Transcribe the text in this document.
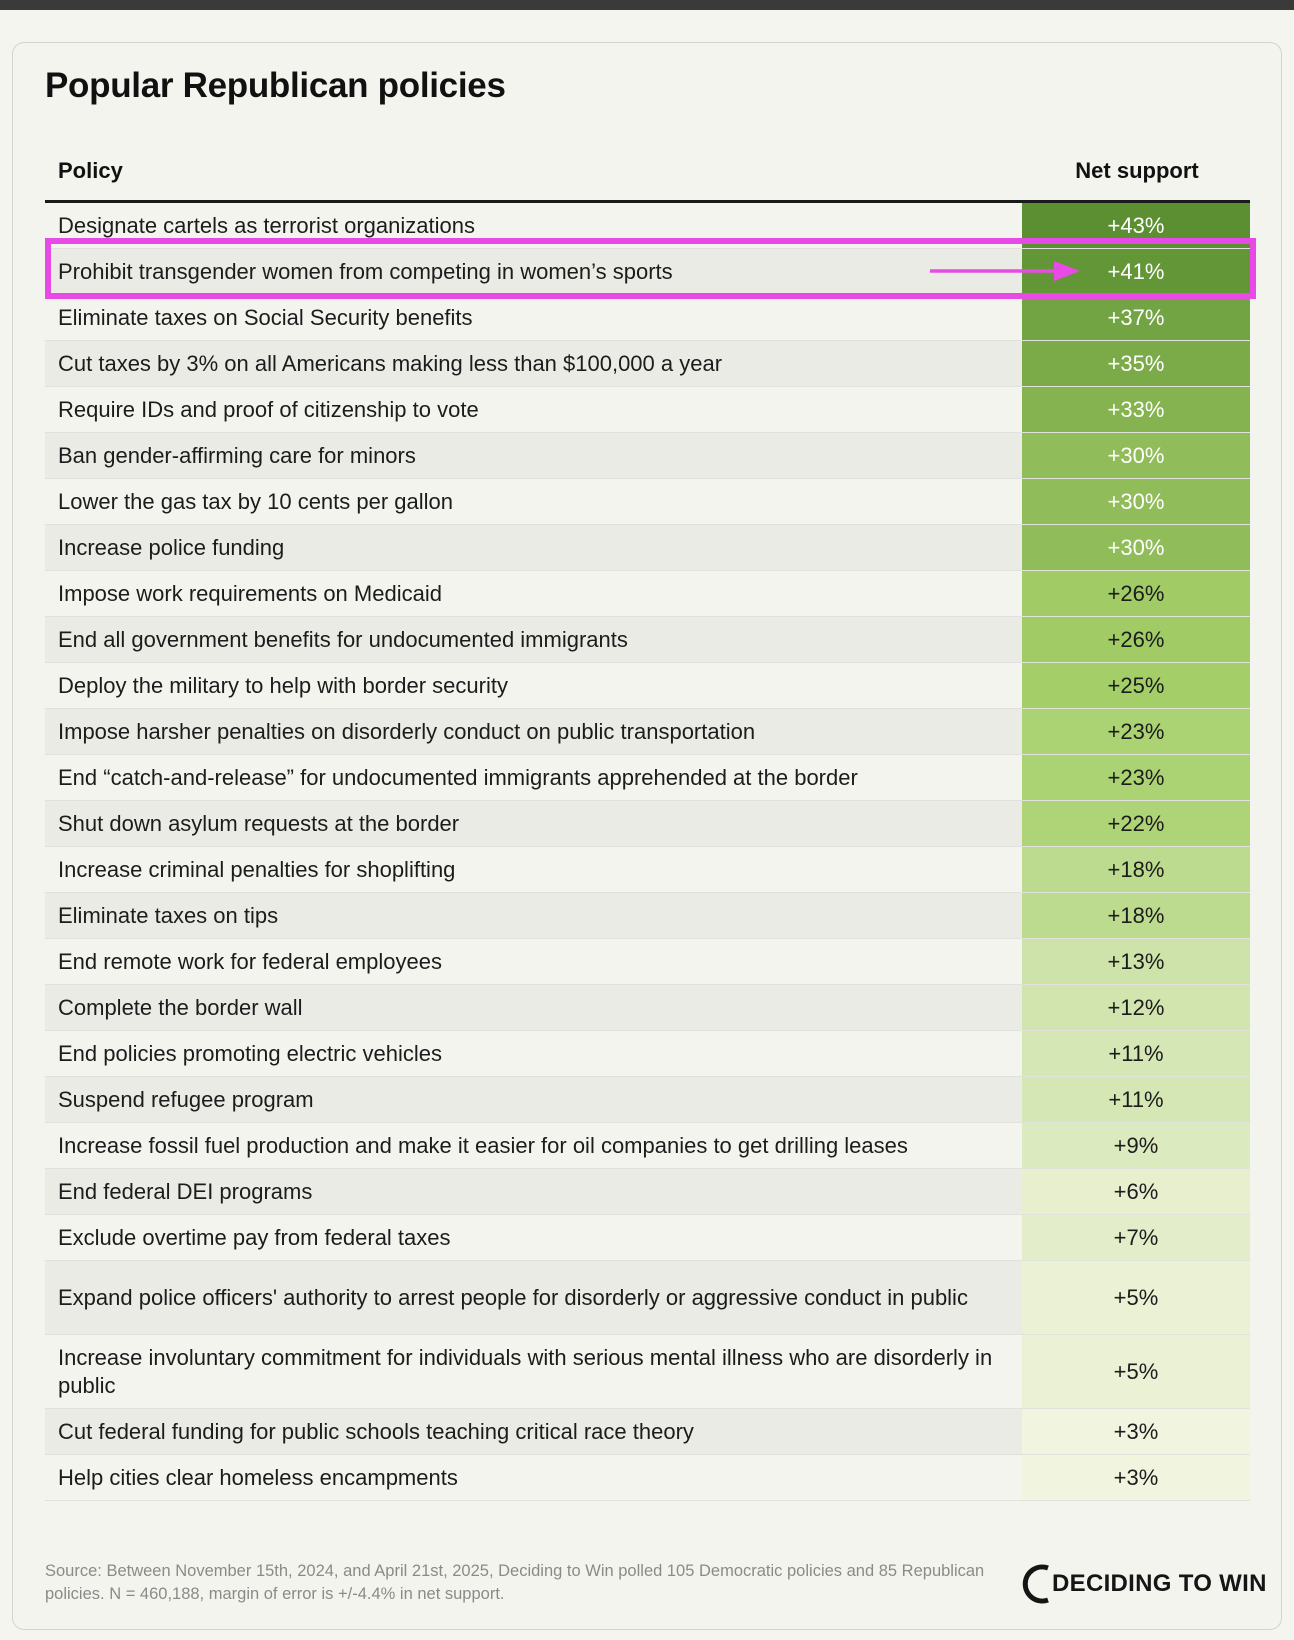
Popular Republican policies
Policy	Net support
Designate cartels as terrorist organizations	+43%
Prohibit transgender women from competing in women’s sports	+41%
Eliminate taxes on Social Security benefits	+37%
Cut taxes by 3% on all Americans making less than $100,000 a year	+35%
Require IDs and proof of citizenship to vote	+33%
Ban gender-affirming care for minors	+30%
Lower the gas tax by 10 cents per gallon	+30%
Increase police funding	+30%
Impose work requirements on Medicaid	+26%
End all government benefits for undocumented immigrants	+26%
Deploy the military to help with border security	+25%
Impose harsher penalties on disorderly conduct on public transportation	+23%
End “catch-and-release” for undocumented immigrants apprehended at the border	+23%
Shut down asylum requests at the border	+22%
Increase criminal penalties for shoplifting	+18%
Eliminate taxes on tips	+18%
End remote work for federal employees	+13%
Complete the border wall	+12%
End policies promoting electric vehicles	+11%
Suspend refugee program	+11%
Increase fossil fuel production and make it easier for oil companies to get drilling leases	+9%
End federal DEI programs	+6%
Exclude overtime pay from federal taxes	+7%
Expand police officers' authority to arrest people for disorderly or aggressive conduct in public	+5%
Increase involuntary commitment for individuals with serious mental illness who are disorderly in public	+5%
Cut federal funding for public schools teaching critical race theory	+3%
Help cities clear homeless encampments	+3%
Source: Between November 15th, 2024, and April 21st, 2025, Deciding to Win polled 105 Democratic policies and 85 Republican policies. N = 460,188, margin of error is +/-4.4% in net support.	DECIDING TO WIN
